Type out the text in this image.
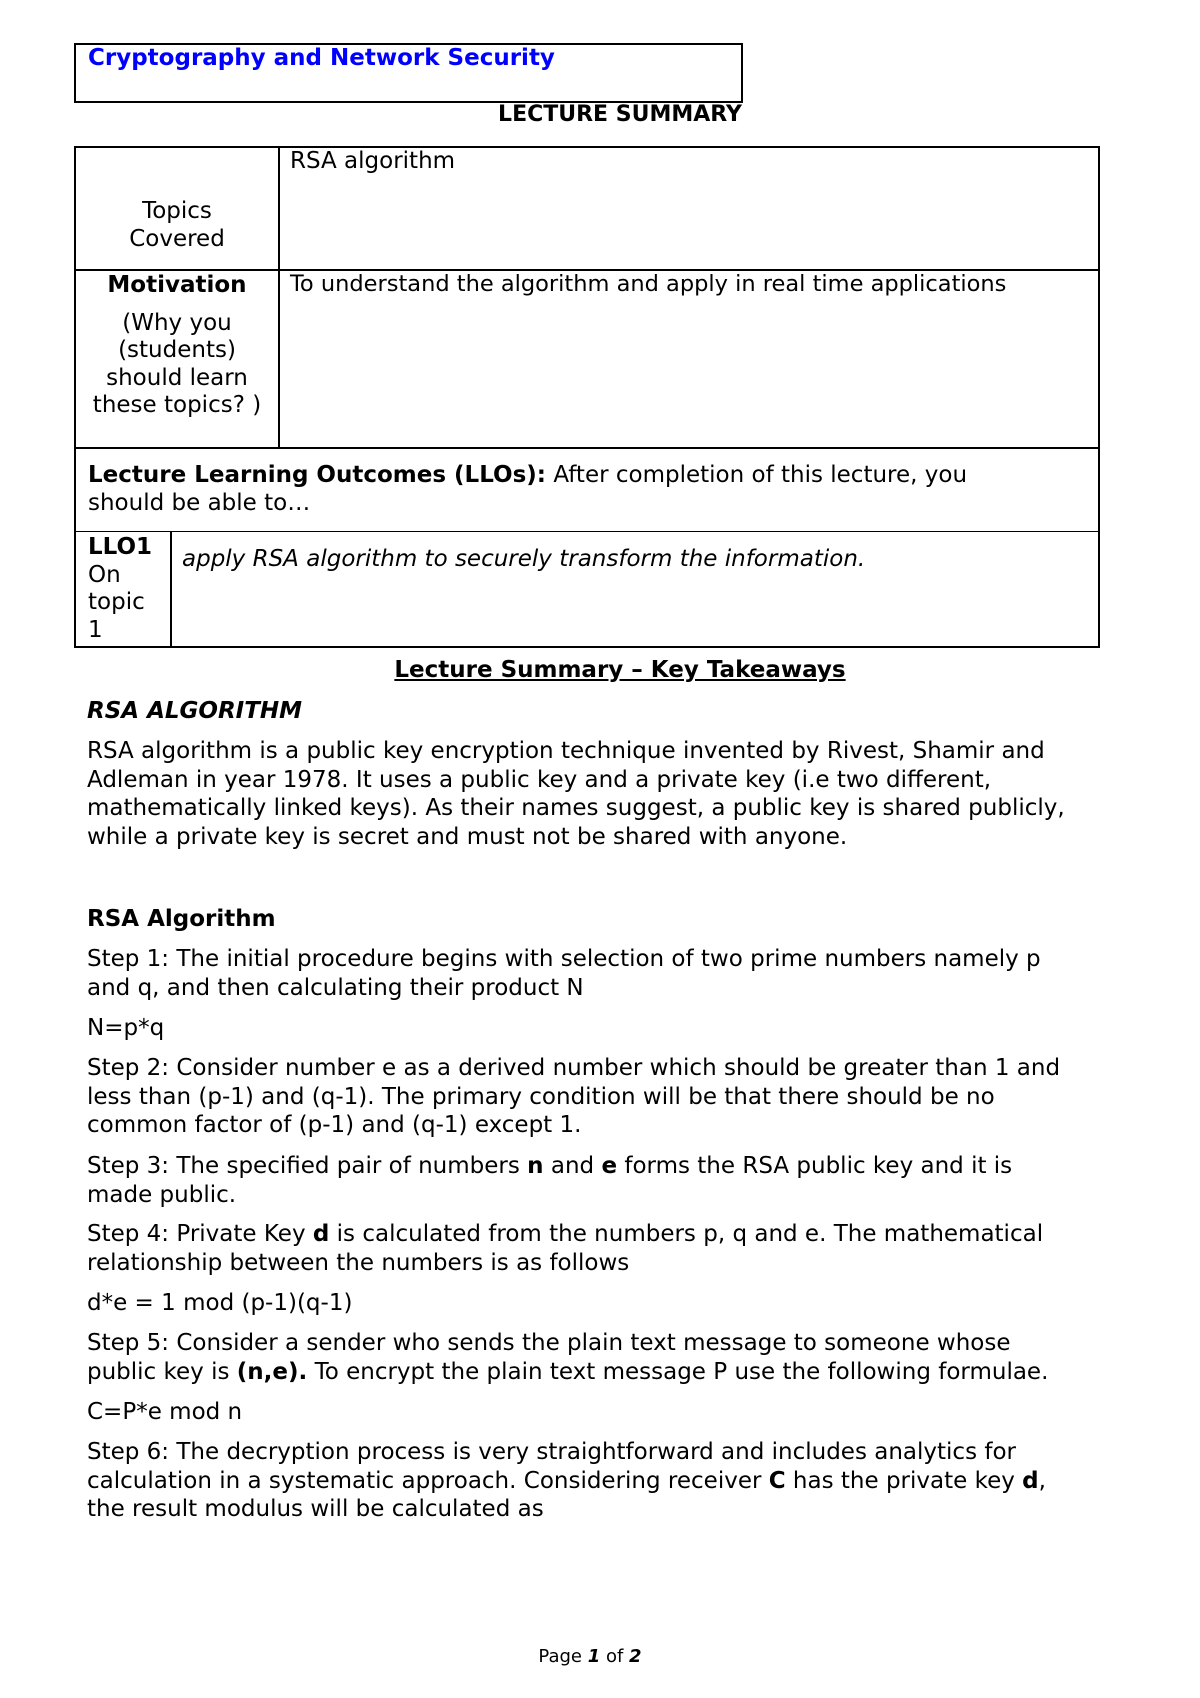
Cryptography and Network Security
LECTURE SUMMARY
Topics
Covered
RSA algorithm
Motivation
(Why you
(students)
should learn
these topics? )
To understand the algorithm and apply in real time applications
Lecture Learning Outcomes (LLOs): After completion of this lecture, you
should be able to…
LLO1
On
topic
1
apply RSA algorithm to securely transform the information.
Lecture Summary – Key Takeaways
RSA ALGORITHM

RSA algorithm is a public key encryption technique invented by Rivest, Shamir and

Adleman in year 1978. It uses a public key and a private key (i.e two different,

mathematically linked keys). As their names suggest, a public key is shared publicly,

while a private key is secret and must not be shared with anyone.

RSA Algorithm

Step 1: The initial procedure begins with selection of two prime numbers namely p

and q, and then calculating their product N

N=p*q

Step 2: Consider number e as a derived number which should be greater than 1 and

less than (p-1) and (q-1). The primary condition will be that there should be no

common factor of (p-1) and (q-1) except 1.

Step 3: The specified pair of numbers n and e forms the RSA public key and it is

made public.

Step 4: Private Key d is calculated from the numbers p, q and e. The mathematical

relationship between the numbers is as follows

d*e = 1 mod (p-1)(q-1)

Step 5: Consider a sender who sends the plain text message to someone whose

public key is (n,e). To encrypt the plain text message P use the following formulae.

C=P*e mod n

Step 6: The decryption process is very straightforward and includes analytics for

calculation in a systematic approach. Considering receiver C has the private key d,

the result modulus will be calculated as

Page 1 of 2
